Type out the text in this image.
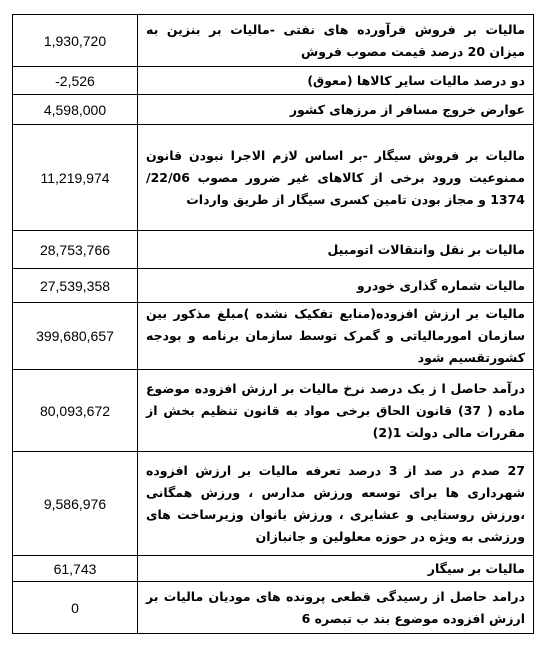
1,930,720	مالیات بر فروش فرآورده های نفتی -مالیات بر بنزین به میزان 20 درصد قیمت مصوب فروش
-2,526	دو درصد مالیات سایر کالاها (معوق)
4,598,000	عوارض خروج مسافر از مرزهای کشور
11,219,974	مالیات بر فروش سیگار -بر اساس لازم الاجرا نبودن قانون ممنوعیت ورود برخی از کالاهای غیر ضرور مصوب 22/06/ 1374 و مجاز بودن تامین کسری سیگار از طریق واردات
28,753,766	مالیات بر نقل وانتقالات اتومبیل
27,539,358	مالیات شماره گذاری خودرو
399,680,657	مالیات بر ارزش افزوده(منابع تفکیک نشده )مبلغ مذکور بین سازمان امورمالیاتی و گمرک توسط سازمان برنامه و بودجه کشورتقسیم شود
80,093,672	درآمد حاصل ا ز یک درصد نرخ مالیات بر ارزش افزوده موضوع ماده ( 37) قانون الحاق برخی مواد به قانون تنظیم بخش از مقررات مالی دولت 1(2)
9,586,976	27 صدم در صد از 3 درصد تعرفه مالیات بر ارزش افزوده شهرداری ها برای توسعه ورزش مدارس ، ورزش همگانی ،ورزش روستایی و عشایری ، ورزش بانوان وزیرساخت های ورزشی به ویژه در حوزه معلولین و جانبازان
61,743	مالیات بر سیگار
0	درامد حاصل از رسیدگی قطعی پرونده های مودیان مالیات بر ارزش افزوده موضوع بند ب تبصره 6
